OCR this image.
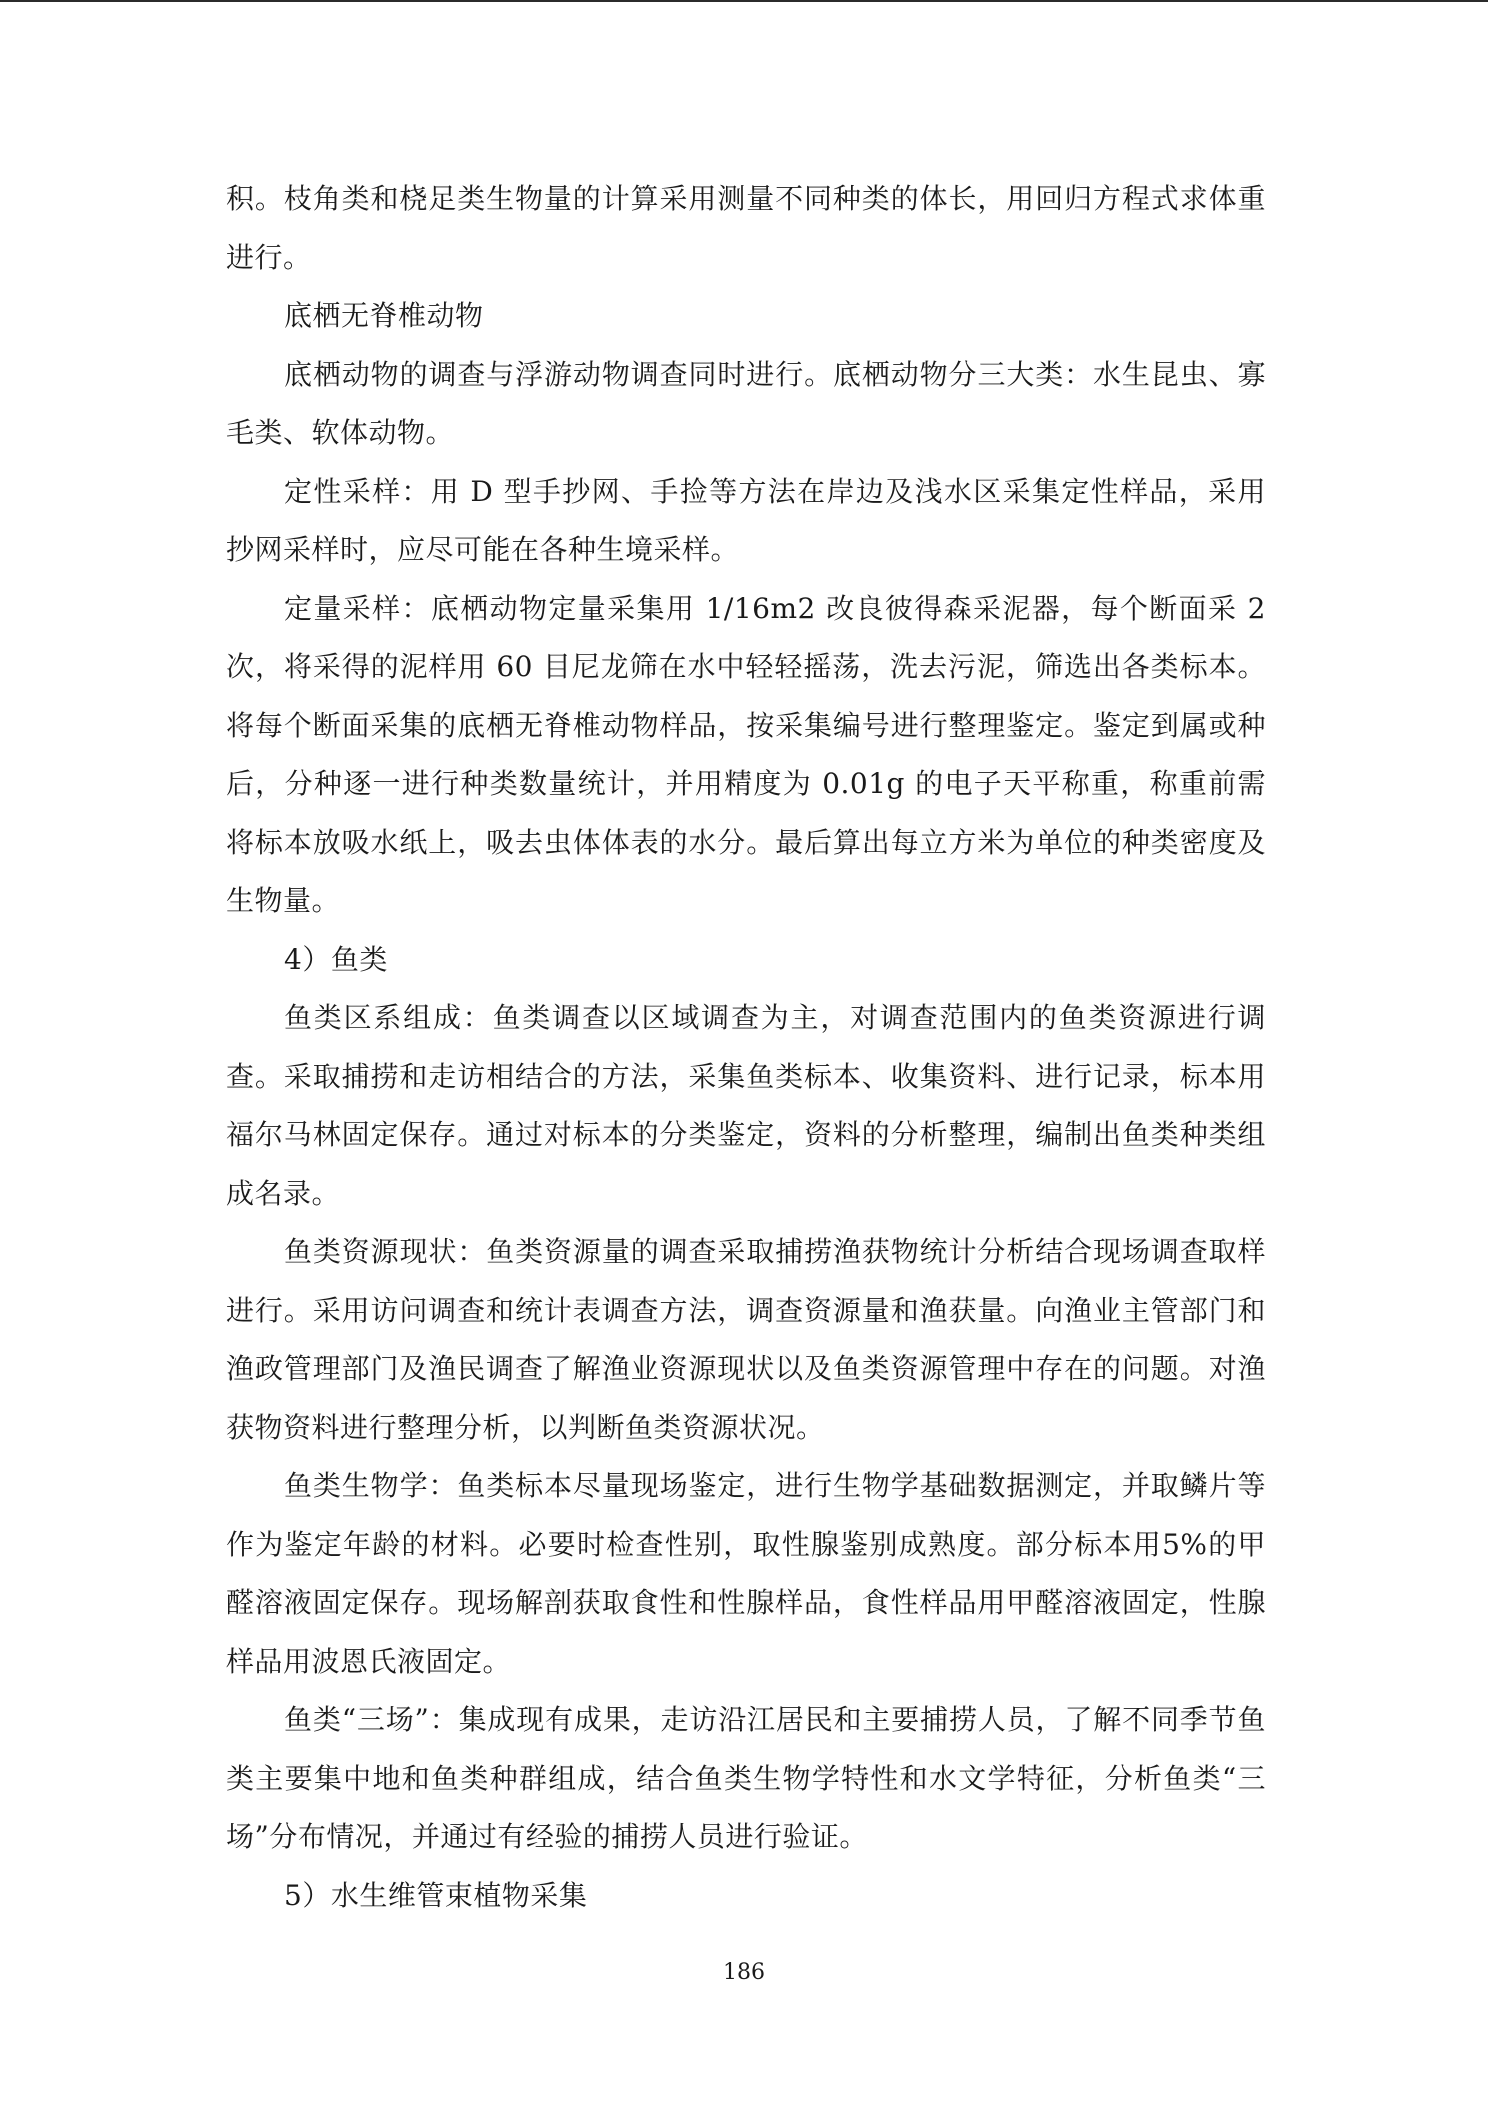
积。枝角类和桡足类生物量的计算采用测量不同种类的体长，用回归方程式求体重进行。

底栖无脊椎动物

底栖动物的调查与浮游动物调查同时进行。底栖动物分三大类：水生昆虫、寡毛类、软体动物。

定性采样：用 D 型手抄网、手捡等方法在岸边及浅水区采集定性样品，采用抄网采样时，应尽可能在各种生境采样。

定量采样：底栖动物定量采集用 1/16m2 改良彼得森采泥器，每个断面采 2 次，将采得的泥样用 60 目尼龙筛在水中轻轻摇荡，洗去污泥，筛选出各类标本。将每个断面采集的底栖无脊椎动物样品，按采集编号进行整理鉴定。鉴定到属或种后，分种逐一进行种类数量统计，并用精度为 0.01g 的电子天平称重，称重前需将标本放吸水纸上，吸去虫体体表的水分。最后算出每立方米为单位的种类密度及生物量。

4）鱼类

鱼类区系组成：鱼类调查以区域调查为主，对调查范围内的鱼类资源进行调查。采取捕捞和走访相结合的方法，采集鱼类标本、收集资料、进行记录，标本用福尔马林固定保存。通过对标本的分类鉴定，资料的分析整理，编制出鱼类种类组成名录。

鱼类资源现状：鱼类资源量的调查采取捕捞渔获物统计分析结合现场调查取样进行。采用访问调查和统计表调查方法，调查资源量和渔获量。向渔业主管部门和渔政管理部门及渔民调查了解渔业资源现状以及鱼类资源管理中存在的问题。对渔获物资料进行整理分析，以判断鱼类资源状况。

鱼类生物学：鱼类标本尽量现场鉴定，进行生物学基础数据测定，并取鳞片等作为鉴定年龄的材料。必要时检查性别，取性腺鉴别成熟度。部分标本用5%的甲醛溶液固定保存。现场解剖获取食性和性腺样品，食性样品用甲醛溶液固定，性腺样品用波恩氏液固定。

鱼类“三场”：集成现有成果，走访沿江居民和主要捕捞人员，了解不同季节鱼类主要集中地和鱼类种群组成，结合鱼类生物学特性和水文学特征，分析鱼类“三场”分布情况，并通过有经验的捕捞人员进行验证。

5）水生维管束植物采集

186
